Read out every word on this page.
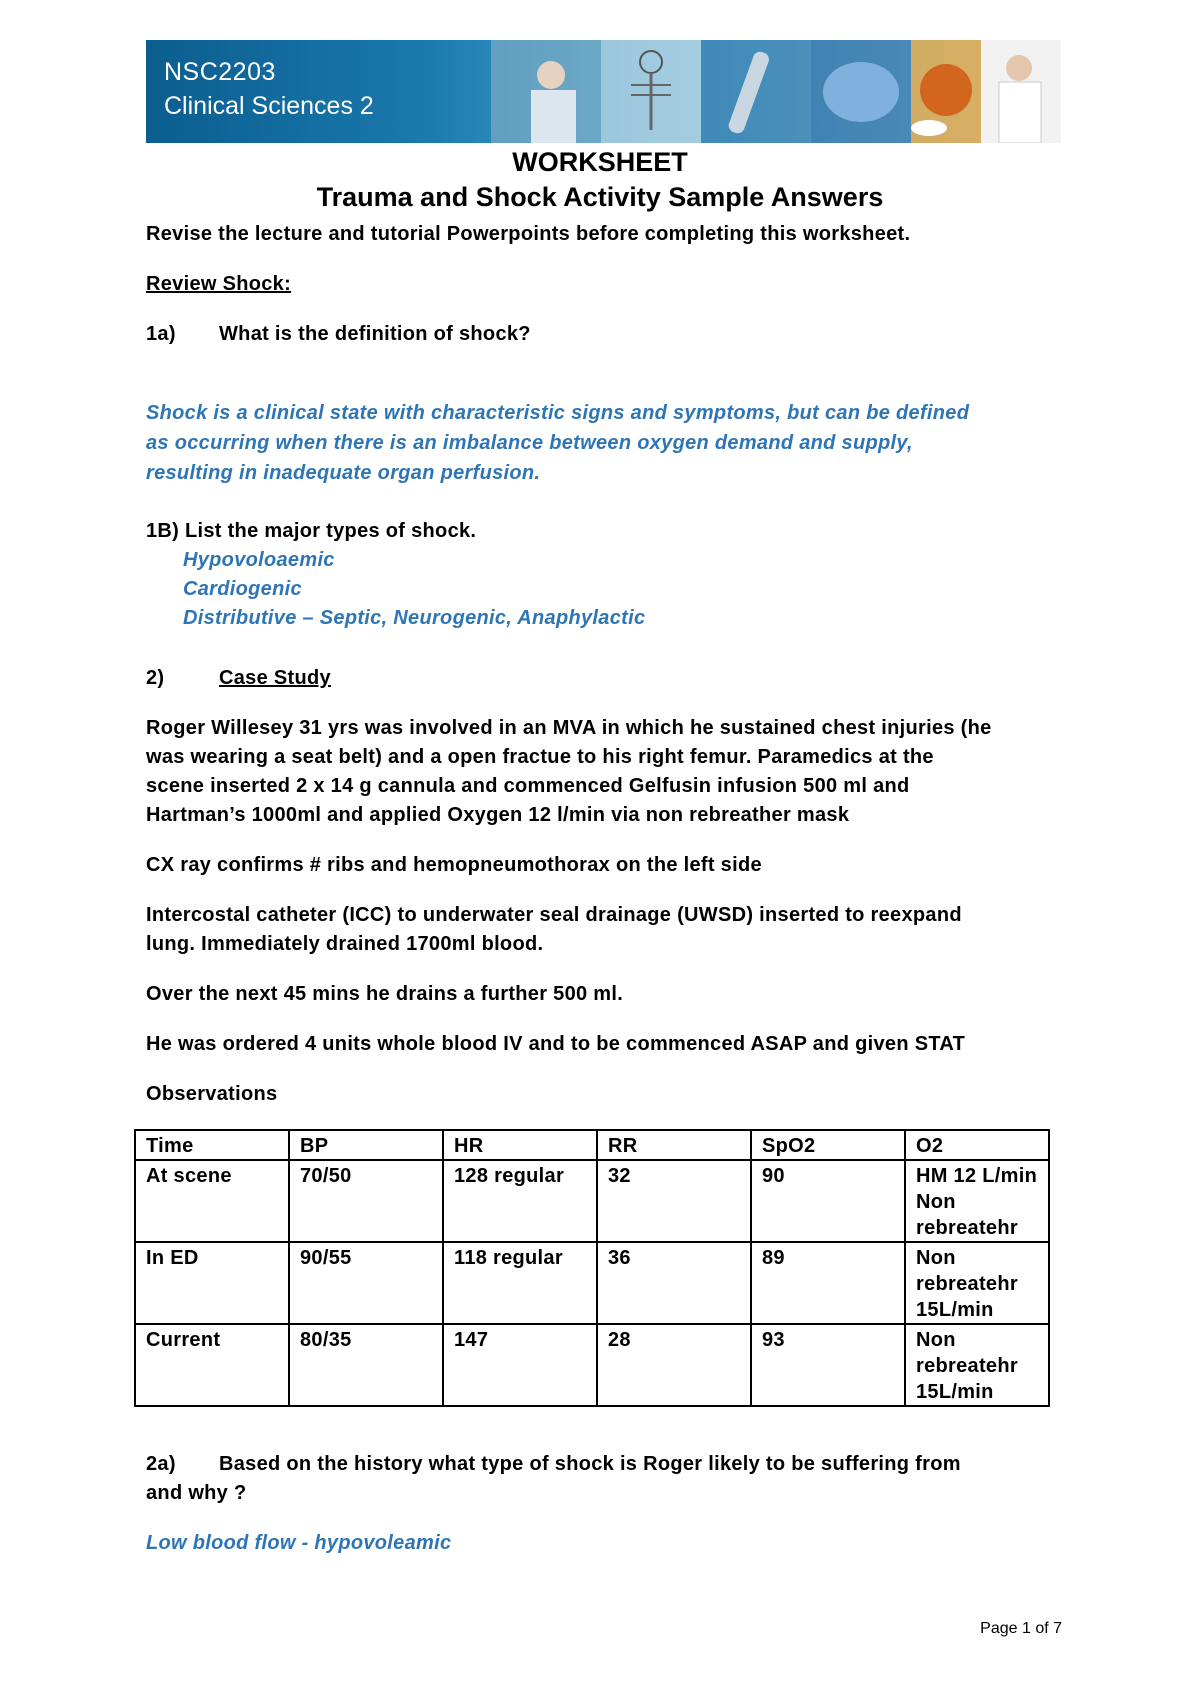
NSC2203
Clinical Sciences 2
WORKSHEET
Trauma and Shock Activity Sample Answers
Revise the lecture and tutorial Powerpoints before completing this worksheet.
Review Shock:
1a) What is the definition of shock?
Shock is a clinical state with characteristic signs and symptoms, but can be defined
as occurring when there is an imbalance between oxygen demand and supply,
resulting in inadequate organ perfusion.
1B) List the major types of shock.
Hypovoloaemic
Cardiogenic
Distributive – Septic, Neurogenic, Anaphylactic
2)	Case Study
Roger Willesey 31 yrs was involved in an MVA in which he sustained chest injuries (he
was wearing a seat belt) and a open fractue to his right femur. Paramedics at the
scene inserted 2 x 14 g cannula and commenced Gelfusin infusion 500 ml and
Hartman’s 1000ml and applied Oxygen 12 l/min via non rebreather mask
CX ray confirms # ribs and hemopneumothorax on the left side
Intercostal catheter (ICC) to underwater seal drainage (UWSD) inserted to reexpand
lung. Immediately drained 1700ml blood.
Over the next 45 mins he drains a further 500 ml.
He was ordered 4 units whole blood IV and to be commenced ASAP and given STAT
Observations
Time	BP	HR	RR	SpO2	O2
At scene	70/50	128 regular	32	90	HM 12 L/min Non rebreatehr
In ED	90/55	118 regular	36	89	Non rebreatehr 15L/min
Current	80/35	147	28	93	Non rebreatehr 15L/min
2a) Based on the history what type of shock is Roger likely to be suffering from
and why ?
Low blood flow - hypovoleamic
Page 1 of 7
